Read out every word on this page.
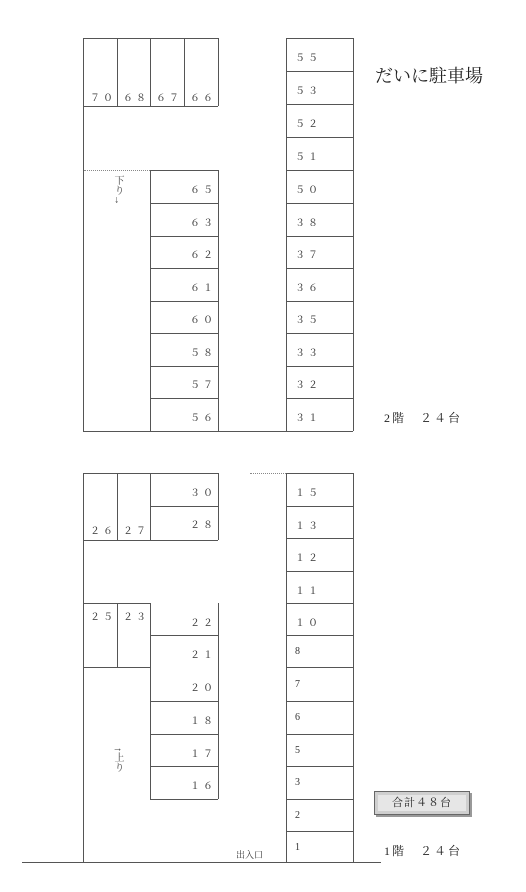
だいに駐車場
７０ ６８ ６７ ６６
６５
６３
６２
６１
６０
５８
５７
５６
５５
５３
５２
５１
５０
３８
３７
３６
３５
３３
３２
３１
下り→
2階　２４台
２６ ２７
２５ ２３
３０
２８
２２
２１
２０
１８
１７
１６
１５
１３
１２
１１
１０
8
7
6
5
3
2
1
↑上り
出入口	1階　２４台
合計４８台
